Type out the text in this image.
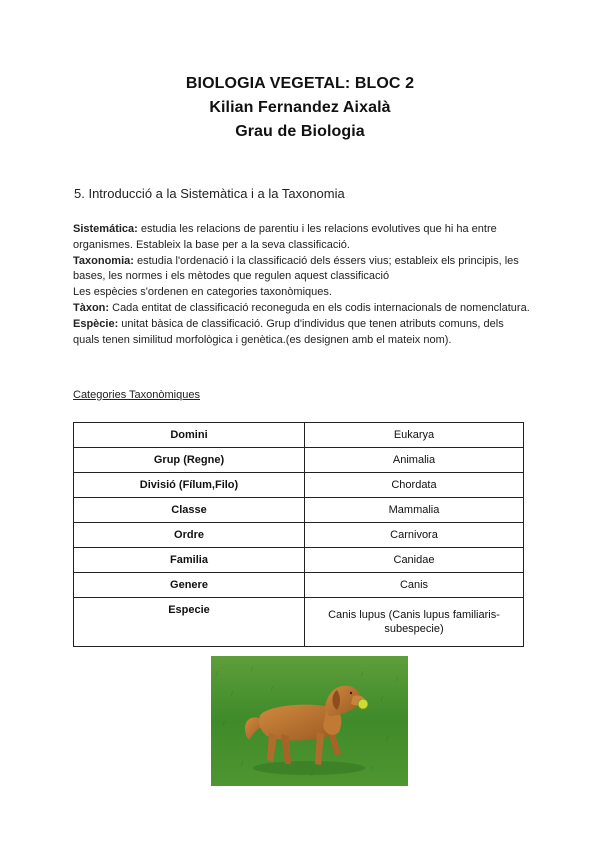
BIOLOGIA VEGETAL: BLOC 2
Kilian Fernandez Aixalà
Grau de Biologia
5. Introducció a la Sistemàtica i a la Taxonomia
Sistemática: estudia les relacions de parentiu i les relacions evolutives que hi ha entre organismes. Estableix la base per a la seva classificació.
Taxonomia: estudia l'ordenació i la classificació dels éssers vius; estableix els principis, les bases, les normes i els mètodes que regulen aquest classificació
Les espècies s'ordenen en categories taxonòmiques.
Tàxon: Cada entitat de classificació reconeguda en els codis internacionals de nomenclatura.
Espècie: unitat bàsica de classificació. Grup d'individus que tenen atributs comuns, dels quals tenen similitud morfològica i genètica.(es designen amb el mateix nom).
Categories Taxonòmiques
Domini	Eukarya
Grup (Regne)	Animalia
Divisió (Fílum,Filo)	Chordata
Classe	Mammalia
Ordre	Carnivora
Familia	Canidae
Genere	Canis
Especie	Canis lupus (Canis lupus familiaris-subespecie)
